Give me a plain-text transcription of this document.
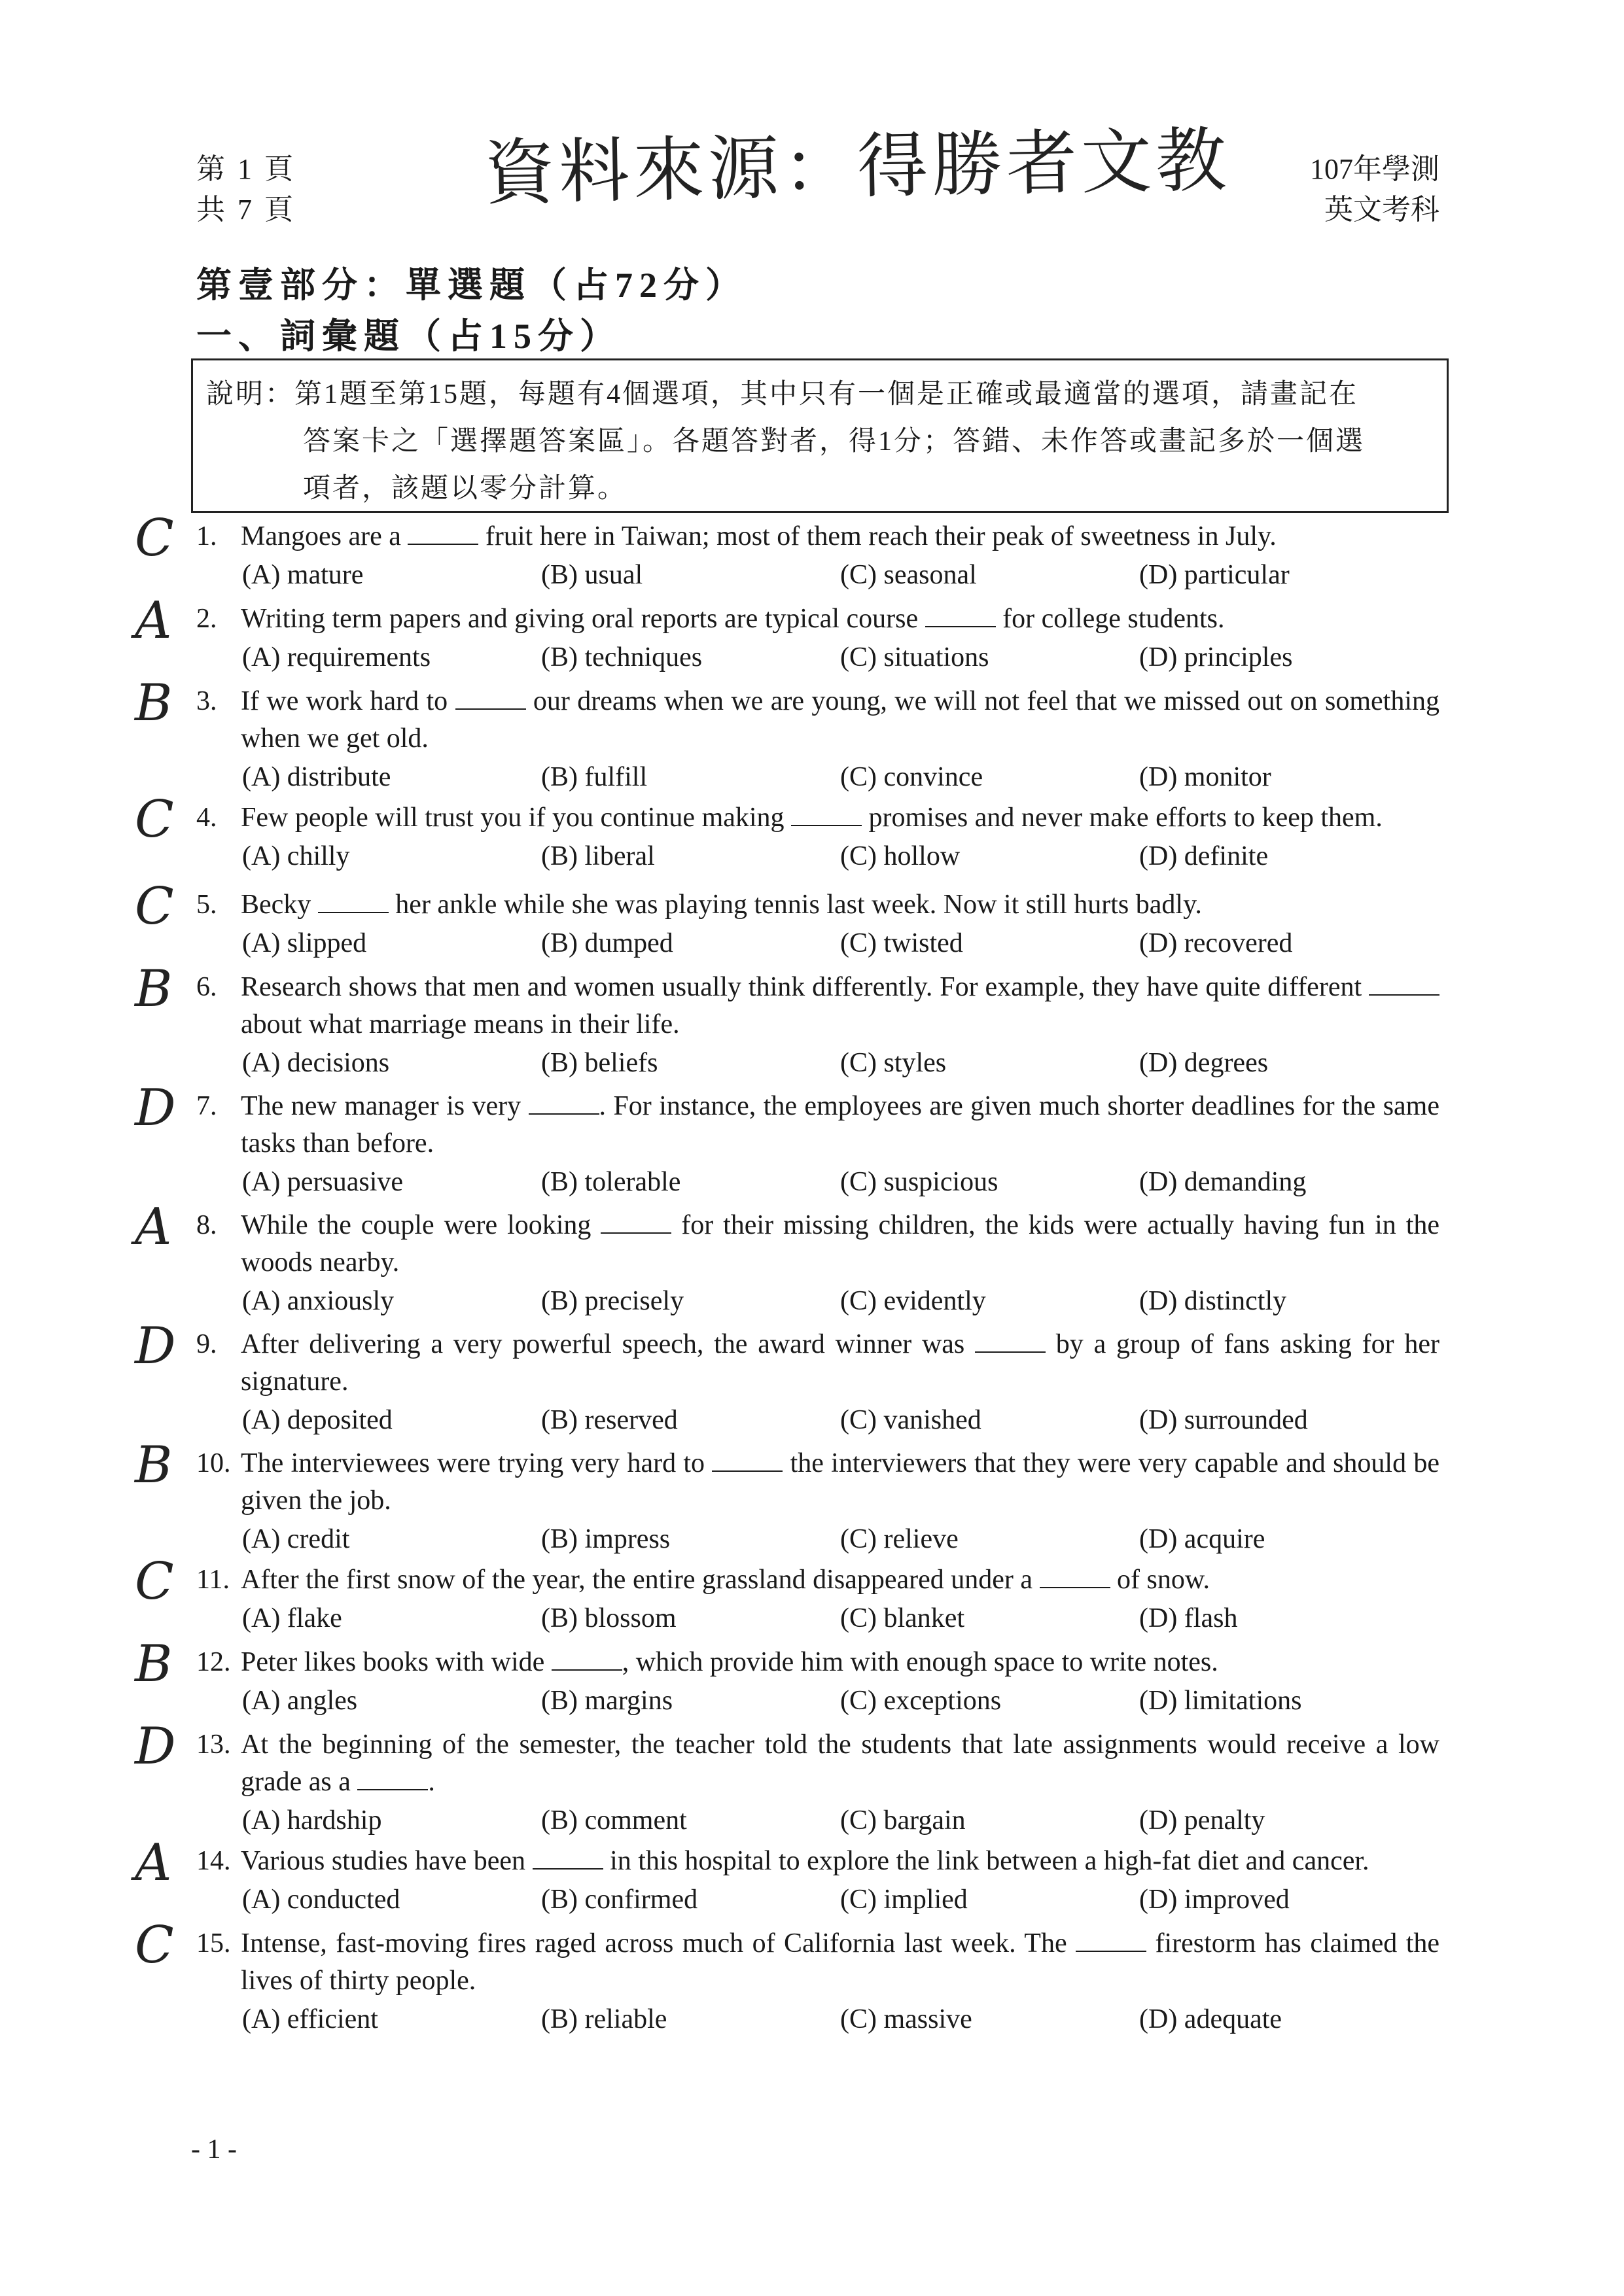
第 1 頁
共 7 頁	資料來源：得勝者文教	107年學測
英文考科
第壹部分：單選題（占72分）
一、詞彙題（占15分）
說明：第1題至第15題，每題有4個選項，其中只有一個是正確或最適當的選項，請畫記在
答案卡之「選擇題答案區」。各題答對者，得1分；答錯、未作答或畫記多於一個選
項者，該題以零分計算。
C 1. Mangoes are a	fruit here in Taiwan; most of them reach their peak of sweetness in July.
(A) mature	(B) usual	(C) seasonal	(D) particular
A 2. Writing term papers and giving oral reports are typical course	for college students.
(A) requirements	(B) techniques	(C) situations	(D) principles
B 3. If we work hard to	our dreams when we are young, we will not feel that we missed out on something when we get old.
(A) distribute	(B) fulfill	(C) convince	(D) monitor
C 4. Few people will trust you if you continue making	promises and never make efforts to keep them.
(A) chilly	(B) liberal	(C) hollow	(D) definite
C 5. Becky	her ankle while she was playing tennis last week. Now it still hurts badly.
(A) slipped	(B) dumped	(C) twisted	(D) recovered
B 6. Research shows that men and women usually think differently. For example, they have quite different  about what marriage means in their life.
(A) decisions	(B) beliefs	(C) styles	(D) degrees
D 7. The new manager is very	. For instance, the employees are given much shorter deadlines for the same tasks than before.
(A) persuasive	(B) tolerable	(C) suspicious	(D) demanding
A 8. While the couple were looking	for their missing children, the kids were actually having fun in the woods nearby.
(A) anxiously	(B) precisely	(C) evidently	(D) distinctly
D 9. After delivering a very powerful speech, the award winner was	by a group of fans asking for her signature.
(A) deposited	(B) reserved	(C) vanished	(D) surrounded
B 10. The interviewees were trying very hard to	the interviewers that they were very capable and should be given the job.
(A) credit	(B) impress	(C) relieve	(D) acquire
C 11. After the first snow of the year, the entire grassland disappeared under a	of snow.
(A) flake	(B) blossom	(C) blanket	(D) flash
B 12. Peter likes books with wide	, which provide him with enough space to write notes.
(A) angles	(B) margins	(C) exceptions	(D) limitations
D 13. At the beginning of the semester, the teacher told the students that late assignments would receive a low grade as a	.
(A) hardship	(B) comment	(C) bargain	(D) penalty
A 14. Various studies have been	in this hospital to explore the link between a high-fat diet and cancer.
(A) conducted	(B) confirmed	(C) implied	(D) improved
C 15. Intense, fast-moving fires raged across much of California last week. The	firestorm has claimed the lives of thirty people.
(A) efficient	(B) reliable	(C) massive	(D) adequate
- 1 -
